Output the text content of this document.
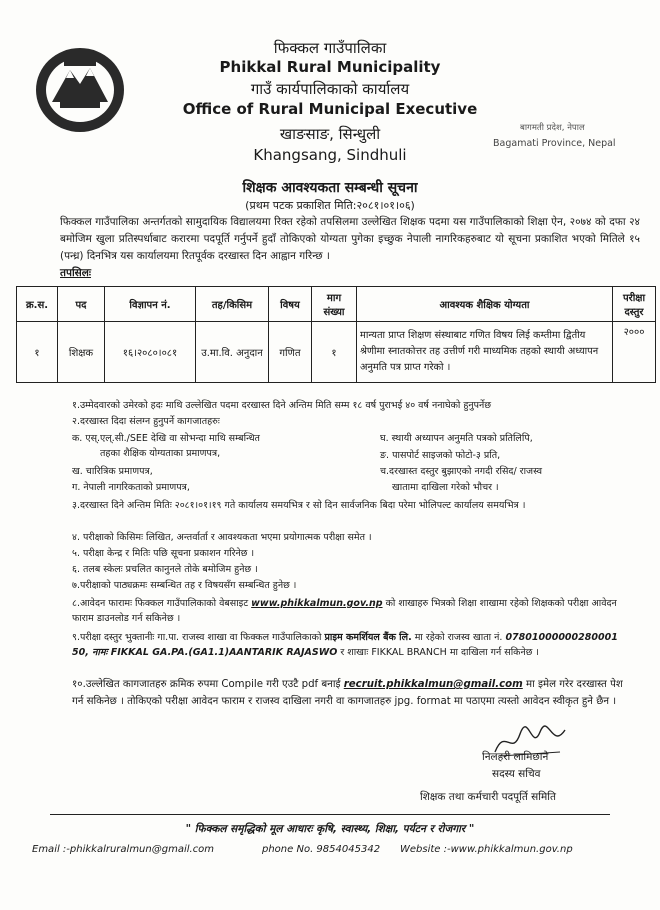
फिक्कल गाउँपालिका
Phikkal Rural Municipality
गाउँ कार्यपालिकाको कार्यालय
Office of Rural Municipal Executive
खाङसाङ, सिन्धुली
Khangsang, Sindhuli
बागमती प्रदेश, नेपाल
Bagamati Province, Nepal
शिक्षक आवश्यकता सम्बन्धी सूचना
(प्रथम पटक प्रकाशित मिति:२०८१।०१।०६)
फिक्कल गाउँपालिका अन्तर्गतको सामुदायिक विद्यालयमा रिक्त रहेको तपसिलमा उल्लेखित शिक्षक पदमा यस गाउँपालिकाको शिक्षा ऐन, २०७४ को दफा २४ बमोजिम खुला प्रतिस्पर्धाबाट करारमा पदपूर्ति गर्नुपर्ने हुदाँ तोकिएको योग्यता पुगेका इच्छुक नेपाली नागरिकहरुबाट यो सूचना प्रकाशित भएको मितिले १५ (पन्ध्र) दिनभित्र यस कार्यालयमा रितपूर्वक दरखास्त दिन आह्वान गरिन्छ ।
तपसिलः
क्र.स.	पद	विज्ञापन नं.	तह/किसिम	विषय	माग संख्या	आवश्यक शैक्षिक योग्यता	परीक्षा दस्तुर
१	शिक्षक	१६।२०८०।०८१	उ.मा.वि. अनुदान	गणित	१	मान्यता प्राप्त शिक्षण संस्थाबाट गणित विषय लिई कम्तीमा द्वितीय श्रेणीमा स्नातकोत्तर तह उत्तीर्ण गरी माध्यमिक तहको स्थायी अध्यापन अनुमति पत्र प्राप्त गरेको ।	२०००
१.उम्मेदवारको उमेरको हदः माथि उल्लेखित पदमा दरखास्त दिने अन्तिम मिति सम्म १८ वर्ष पुराभई ४० वर्ष ननाघेको हुनुपर्नेछ
२.दरखास्त दिदा संलग्न हुनुपर्ने कागजातहरुः
क. एस्.एल्.सी./SEE देखि वा सोभन्दा माथि सम्बन्धित
तहका शैक्षिक योग्यताका प्रमाणपत्र,
ख. चारित्रिक प्रमाणपत्र,
ग. नेपाली नागरिकताको प्रमाणपत्र,
घ. स्थायी अध्यापन अनुमति पत्रको प्रतिलिपि,
ङ. पासपोर्ट साइजको फोटो-३ प्रति,
च.दरखास्त दस्तुर बुझाएको नगदी रसिद/ राजस्व
खातामा दाखिला गरेको भौचर ।
३.दरखास्त दिने अन्तिम मितिः २०८१।०१।१९ गते कार्यालय समयभित्र र सो दिन सार्वजनिक बिदा परेमा भोलिपल्ट कार्यालय समयभित्र ।
४. परीक्षाको किसिमः लिखित, अन्तर्वार्ता र आवश्यकता भएमा प्रयोगात्मक परीक्षा समेत ।
५. परीक्षा केन्द्र र मितिः पछि सूचना प्रकाशन गरिनेछ ।
६. तलब स्केलः प्रचलित कानुनले तोके बमोजिम हुनेछ ।
७.परीक्षाको पाठ्यक्रमः सम्बन्धित तह र विषयसँग सम्बन्धित हुनेछ ।
८.आवेदन फारामः फिक्कल गाउँपालिकाको वेबसाइट www.phikkalmun.gov.np को शाखाहरु भित्रको शिक्षा शाखामा रहेको शिक्षकको परीक्षा आवेदन फाराम डाउनलोड गर्न सकिनेछ ।
९.परीक्षा दस्तुर भुक्तानीः गा.पा. राजस्व शाखा वा फिक्कल गाउँपालिकाको प्राइम कमर्शियल बैंक लि. मा रहेको राजस्व खाता नं. 07801000000280001 50, नामः FIKKAL GA.PA.(GA1.1)AANTARIK RAJASWO र शाखाः FIKKAL BRANCH मा दाखिला गर्न सकिनेछ ।
१०.उल्लेखित कागजातहरु क्रमिक रुपमा Compile गरी एउटै pdf बनाई recruit.phikkalmun@gmail.com मा इमेल गरेर दरखास्त पेश गर्न सकिनेछ । तोकिएको परीक्षा आवेदन फाराम र राजस्व दाखिला नगरी वा कागजातहरु jpg. format मा पठाएमा त्यस्तो आवेदन स्वीकृत हुने छैन ।
निलहरी लामिछाने
सदस्य सचिव
शिक्षक तथा कर्मचारी पदपूर्ति समिति
" फिक्कल समृद्धिको मूल आधारः कृषि, स्वास्थ्य, शिक्षा, पर्यटन र रोजगार "
Email :-phikkalruralmun@gmail.com	phone No. 9854045342 Website :-www.phikkalmun.gov.np
